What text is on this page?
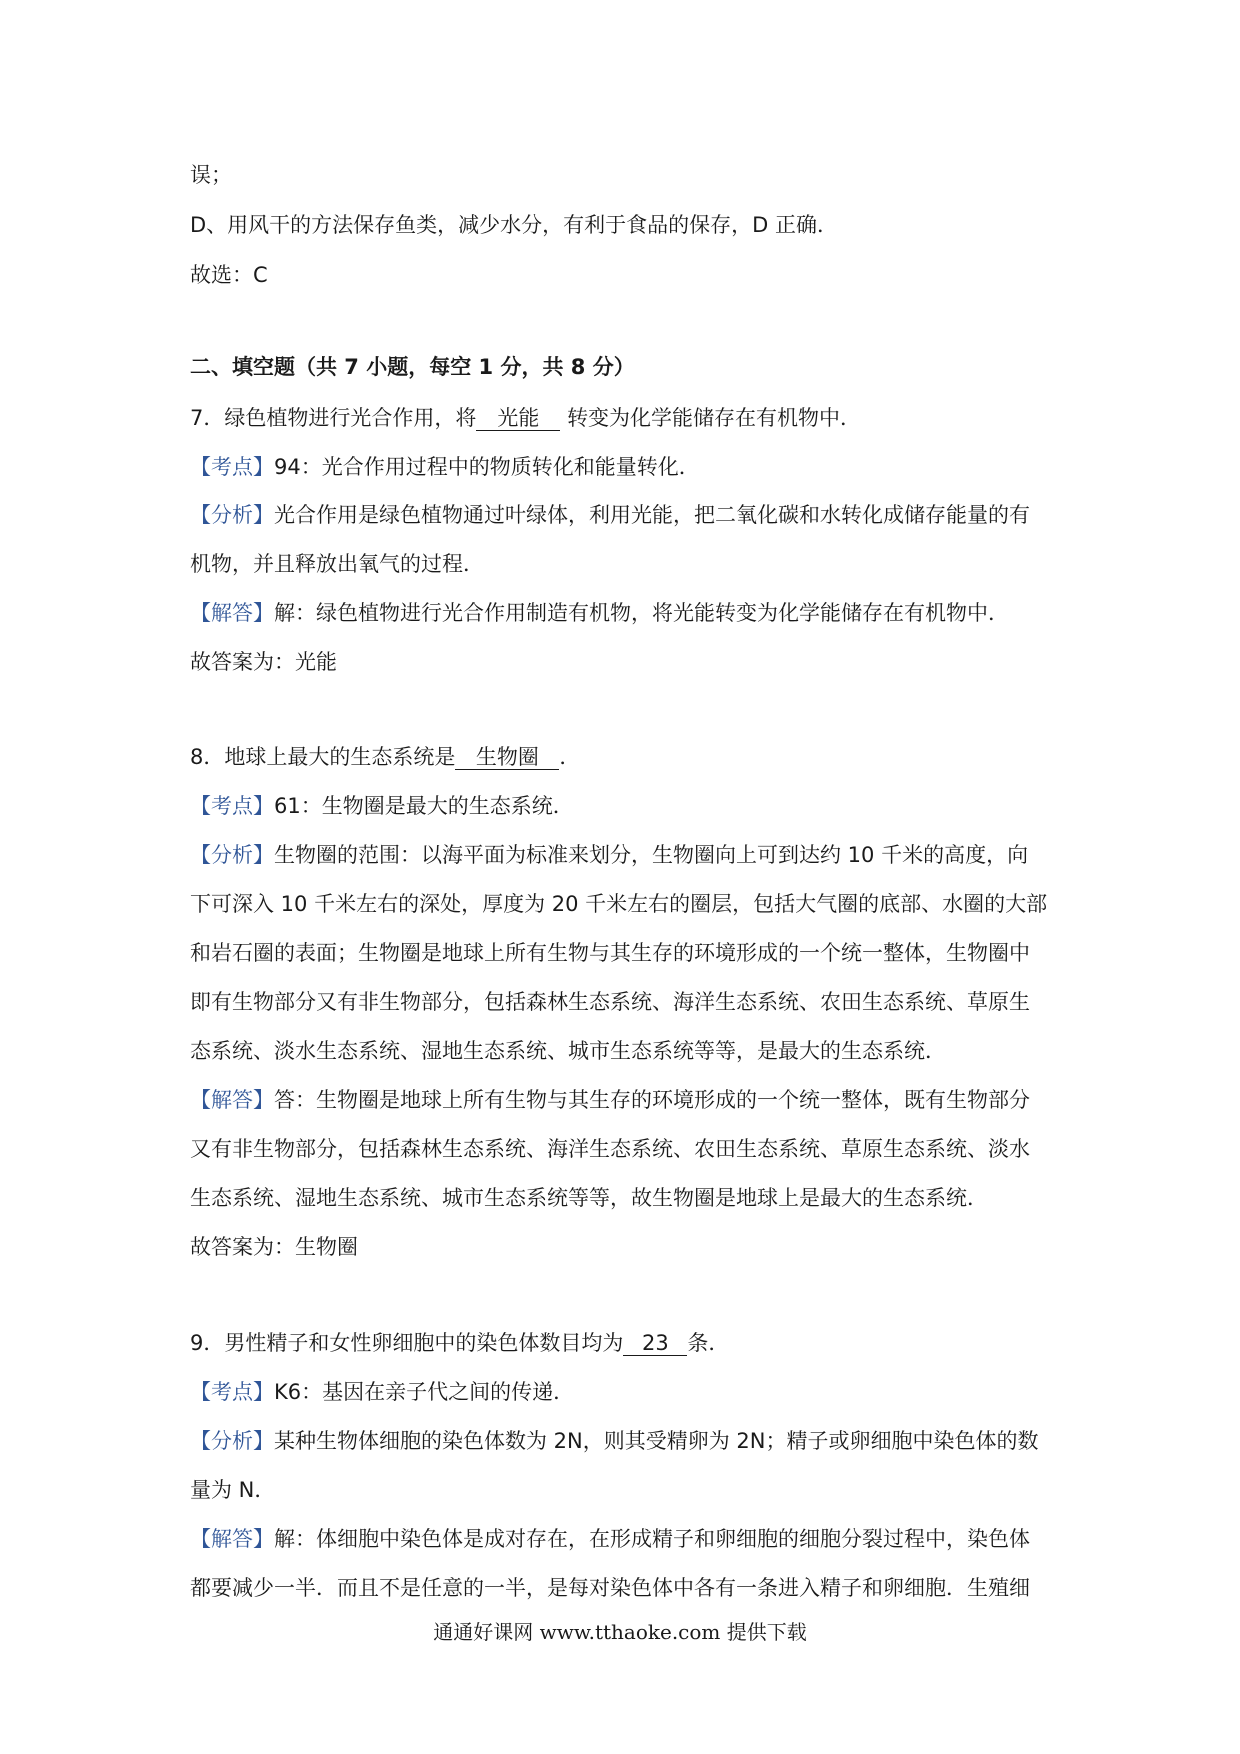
误；
D、用风干的方法保存鱼类，减少水分，有利于食品的保存，D 正确．
故选：C
二、填空题（共 7 小题，每空 1 分，共 8 分）
7．绿色植物进行光合作用，将 光能 转变为化学能储存在有机物中．
【考点】94：光合作用过程中的物质转化和能量转化．
【分析】光合作用是绿色植物通过叶绿体，利用光能，把二氧化碳和水转化成储存能量的有
机物，并且释放出氧气的过程．
【解答】解：绿色植物进行光合作用制造有机物，将光能转变为化学能储存在有机物中．
故答案为：光能
8．地球上最大的生态系统是 生物圈 ．
【考点】61：生物圈是最大的生态系统．
【分析】生物圈的范围：以海平面为标准来划分，生物圈向上可到达约 10 千米的高度，向
下可深入 10 千米左右的深处，厚度为 20 千米左右的圈层，包括大气圈的底部、水圈的大部
和岩石圈的表面；生物圈是地球上所有生物与其生存的环境形成的一个统一整体，生物圈中
即有生物部分又有非生物部分，包括森林生态系统、海洋生态系统、农田生态系统、草原生
态系统、淡水生态系统、湿地生态系统、城市生态系统等等，是最大的生态系统．
【解答】答：生物圈是地球上所有生物与其生存的环境形成的一个统一整体，既有生物部分
又有非生物部分，包括森林生态系统、海洋生态系统、农田生态系统、草原生态系统、淡水
生态系统、湿地生态系统、城市生态系统等等，故生物圈是地球上是最大的生态系统．
故答案为：生物圈
9．男性精子和女性卵细胞中的染色体数目均为 23 条．
【考点】K6：基因在亲子代之间的传递．
【分析】某种生物体细胞的染色体数为 2N，则其受精卵为 2N；精子或卵细胞中染色体的数
量为 N．
【解答】解：体细胞中染色体是成对存在，在形成精子和卵细胞的细胞分裂过程中，染色体
都要减少一半．而且不是任意的一半，是每对染色体中各有一条进入精子和卵细胞．生殖细
通通好课网 www.tthaoke.com 提供下载
